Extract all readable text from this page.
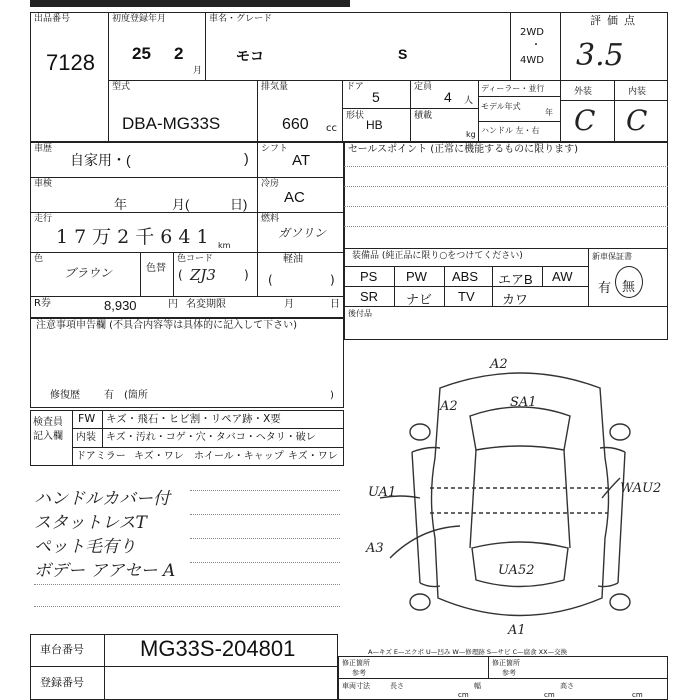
出品番号
7128
初度登録年月
25 2
月
車名・グレード
モコ	S
2WD
・
4WD
評価点
3.5
型式
DBA-MG33S
排気量
660 cc
ドア
5
定員
4 人
形状
HB
積載
kg
ディーラー・並行
モデル年式
年
ハンドル 左・右
外装	内装
C C
車歴
自家用・(	)
シフト
AT
車検
年	月(	日)
冷房
AC
走行
17万2千641 km
燃料
ガソリン
軽油
色
ブラウン	色替
色コード
ZJ3
(	) (	)
R券	8,930	円 名変期限	月	日
セールスポイント (正常に機能するものに限ります)
装備品 (純正品に限り○をつけてください)	新車保証書
PS PW ABS エアB AW
SR ナビ TV カワ
有 無
後付品
注意事項申告欄 (不具合内容等は具体的に記入して下さい)
修復歴 有 (箇所	)
検査員
記入欄
FW キズ・飛石・ヒビ割・リペア跡・X要
内装 キズ・汚れ・コゲ・穴・タバコ・ヘタリ・破レ
ドアミラー キズ・ワレ ホイール・キャップ キズ・ワレ
ハンドルカバー付
スタットレスT
ペット毛有り
ボデー アアセー A
A2
A2	SA1
UA1	WAU2
A3
UA52
A1
車台番号	MG33S-204801
登録番号
A—キズ E—ヱクボ U—凹み W—修理跡 S—サビ C—腐食 XX—交換
修正箇所
参考
修正箇所
参考
車両寸法	長さ
cm
幅
cm
高さ
cm
